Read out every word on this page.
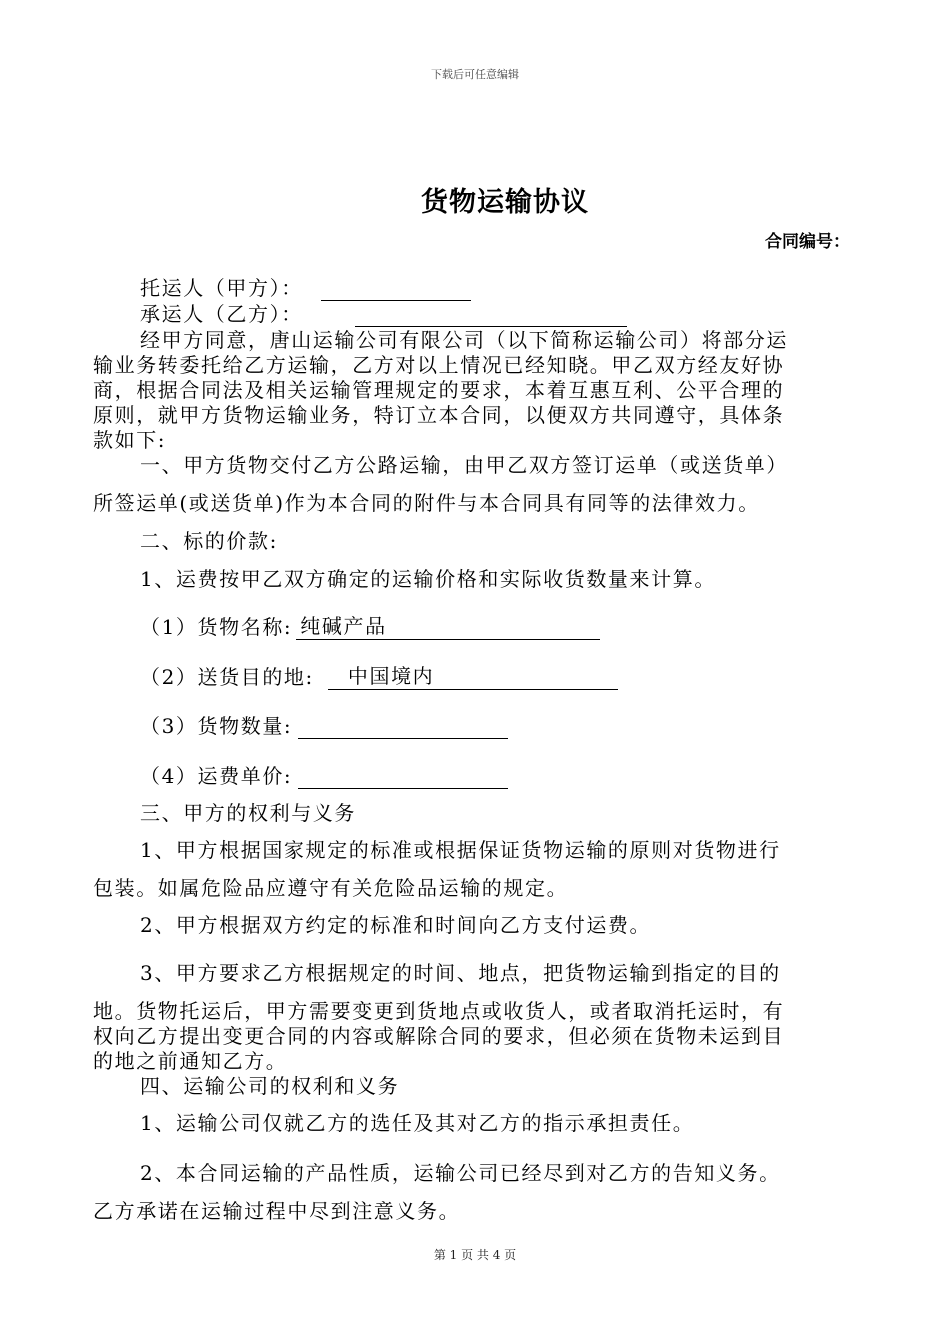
下载后可任意编辑
货物运输协议
合同编号：
托运人（甲方）：
承运人（乙方）：
经甲方同意，唐山运输公司有限公司（以下简称运输公司）将部分运
输业务转委托给乙方运输，乙方对以上情况已经知晓。甲乙双方经友好协
商，根据合同法及相关运输管理规定的要求，本着互惠互利、公平合理的
原则，就甲方货物运输业务，特订立本合同，以便双方共同遵守，具体条
款如下:
一、甲方货物交付乙方公路运输，由甲乙双方签订运单（或送货单）
所签运单(或送货单)作为本合同的附件与本合同具有同等的法律效力。
二、标的价款:
1、运费按甲乙双方确定的运输价格和实际收货数量来计算。
（1）货物名称: 纯碱产品
（2）送货目的地: 中国境内
（3）货物数量:
（4）运费单价:
三、甲方的权利与义务
1、甲方根据国家规定的标准或根据保证货物运输的原则对货物进行
包装。如属危险品应遵守有关危险品运输的规定。
2、甲方根据双方约定的标准和时间向乙方支付运费。
3、甲方要求乙方根据规定的时间、地点，把货物运输到指定的目的
地。货物托运后，甲方需要变更到货地点或收货人，或者取消托运时，有
权向乙方提出变更合同的内容或解除合同的要求，但必须在货物未运到目
的地之前通知乙方。
四、运输公司的权利和义务
1、运输公司仅就乙方的选任及其对乙方的指示承担责任。
2、本合同运输的产品性质，运输公司已经尽到对乙方的告知义务。
乙方承诺在运输过程中尽到注意义务。
第 1 页 共 4 页
